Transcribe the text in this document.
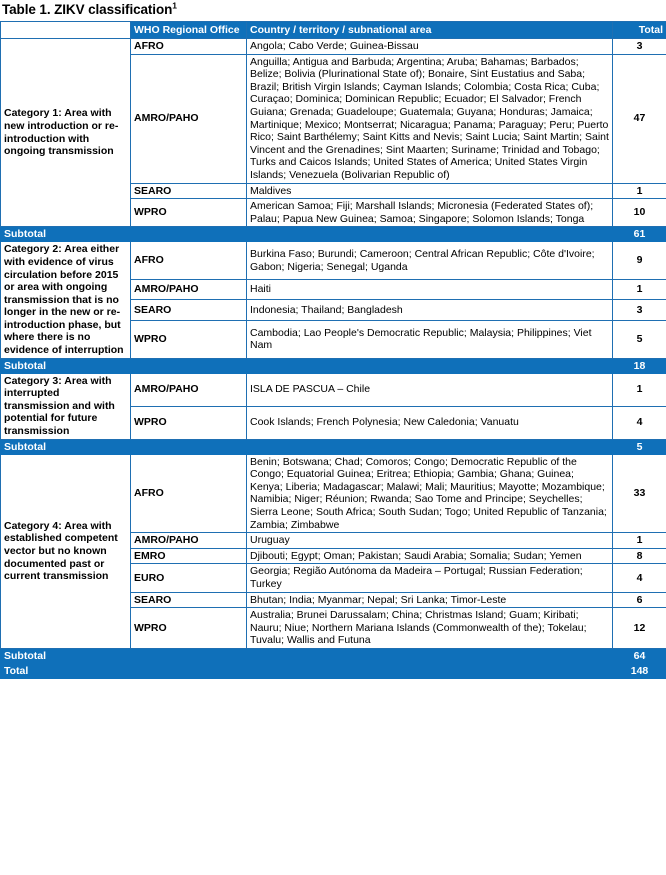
Table 1. ZIKV classification$^1$
	WHO Regional Office	Country / territory / subnational area	Total
Category 1: Area with new introduction or re-introduction with ongoing transmission	AFRO	Angola; Cabo Verde; Guinea-Bissau	3
	AMRO/PAHO	Anguilla; Antigua and Barbuda; Argentina; Aruba; Bahamas; Barbados; Belize; Bolivia (Plurinational State of); Bonaire, Sint Eustatius and Saba; Brazil; British Virgin Islands; Cayman Islands; Colombia; Costa Rica; Cuba; Curaçao; Dominica; Dominican Republic; Ecuador; El Salvador; French Guiana; Grenada; Guadeloupe; Guatemala; Guyana; Honduras; Jamaica; Martinique; Mexico; Montserrat; Nicaragua; Panama; Paraguay; Peru; Puerto Rico; Saint Barthélemy; Saint Kitts and Nevis; Saint Lucia; Saint Martin; Saint Vincent and the Grenadines; Sint Maarten; Suriname; Trinidad and Tobago; Turks and Caicos Islands; United States of America; United States Virgin Islands; Venezuela (Bolivarian Republic of)	47
	SEARO	Maldives	1
	WPRO	American Samoa; Fiji; Marshall Islands; Micronesia (Federated States of); Palau; Papua New Guinea; Samoa; Singapore; Solomon Islands; Tonga	10
Subtotal			61
Category 2: Area either with evidence of virus circulation before 2015 or area with ongoing transmission that is no longer in the new or re-introduction phase, but where there is no evidence of interruption	AFRO	Burkina Faso; Burundi; Cameroon; Central African Republic; Côte d'Ivoire; Gabon; Nigeria; Senegal; Uganda	9
	AMRO/PAHO	Haiti	1
	SEARO	Indonesia; Thailand; Bangladesh	3
	WPRO	Cambodia; Lao People's Democratic Republic; Malaysia; Philippines; Viet Nam	5
Subtotal			18
Category 3: Area with interrupted transmission and with potential for future transmission	AMRO/PAHO	ISLA DE PASCUA – Chile	1
	WPRO	Cook Islands; French Polynesia; New Caledonia; Vanuatu	4
Subtotal			5
Category 4: Area with established competent vector but no known documented past or current transmission	AFRO	Benin; Botswana; Chad; Comoros; Congo; Democratic Republic of the Congo; Equatorial Guinea; Eritrea; Ethiopia; Gambia; Ghana; Guinea; Kenya; Liberia; Madagascar; Malawi; Mali; Mauritius; Mayotte; Mozambique; Namibia; Niger; Réunion; Rwanda; Sao Tome and Principe; Seychelles; Sierra Leone; South Africa; South Sudan; Togo; United Republic of Tanzania; Zambia; Zimbabwe	33
	AMRO/PAHO	Uruguay	1
	EMRO	Djibouti; Egypt; Oman; Pakistan; Saudi Arabia; Somalia; Sudan; Yemen	8
	EURO	Georgia; Região Autónoma da Madeira – Portugal; Russian Federation; Turkey	4
	SEARO	Bhutan; India; Myanmar; Nepal; Sri Lanka; Timor-Leste	6
	WPRO	Australia; Brunei Darussalam; China; Christmas Island; Guam; Kiribati; Nauru; Niue; Northern Mariana Islands (Commonwealth of the); Tokelau; Tuvalu; Wallis and Futuna	12
Subtotal			64
Total			148
